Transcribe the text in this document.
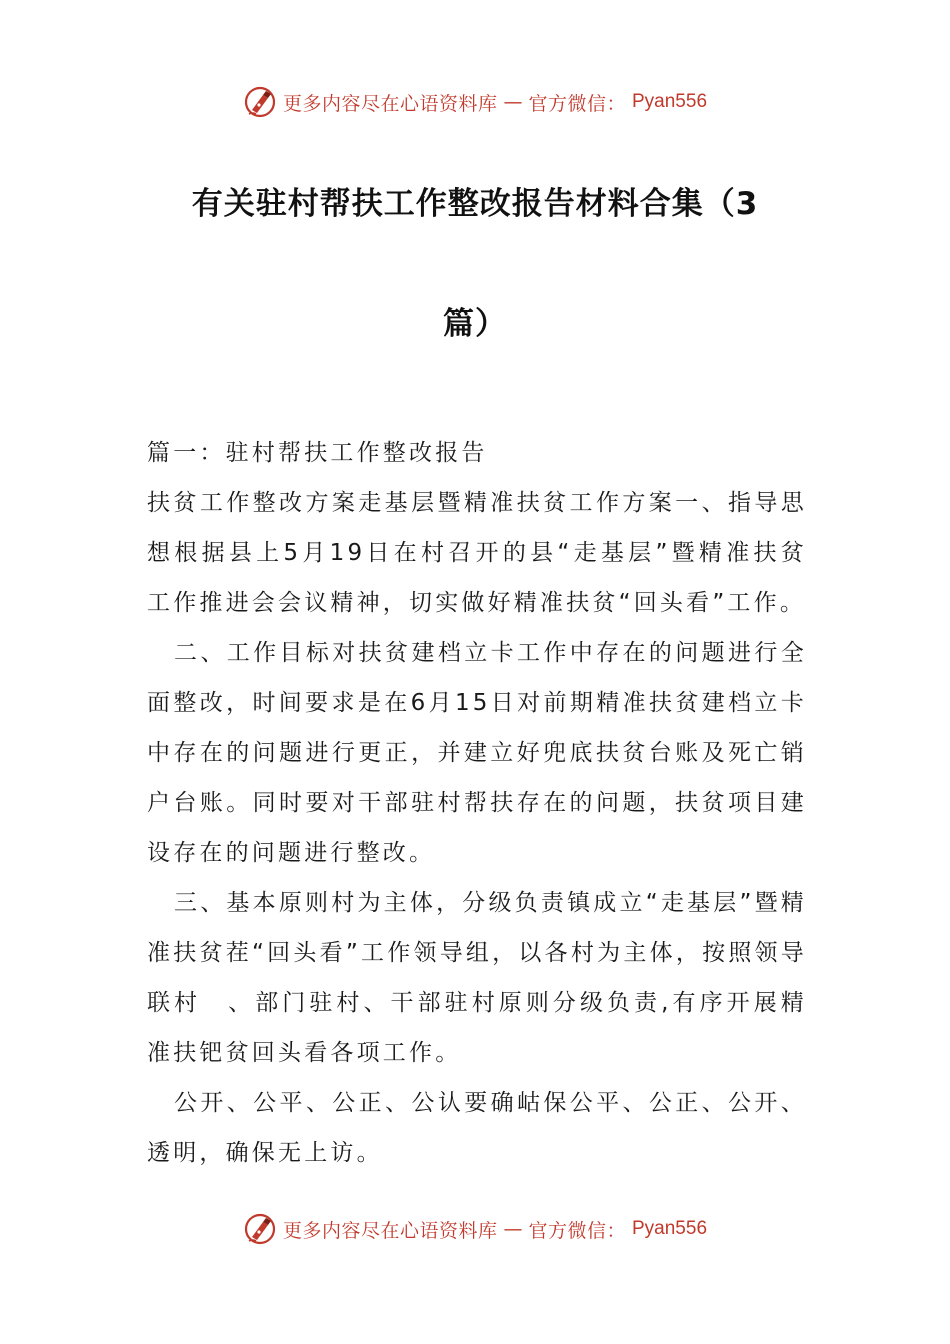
更多内容尽在心语资料库 — 官方微信： Pyan556
有关驻村帮扶工作整改报告材料合集（3
篇）

篇一：驻村帮扶工作整改报告

扶贫工作整改方案走基层暨精准扶贫工作方案一、指导思想根据县上5月19日在村召开的县“走基层”暨精准扶贫工作推进会会议精神，切实做好精准扶贫“回头看”工作。

二、工作目标对扶贫建档立卡工作中存在的问题进行全面整改，时间要求是在6月15日对前期精准扶贫建档立卡中存在的问题进行更正，并建立好兜底扶贫台账及死亡销户台账。同时要对干部驻村帮扶存在的问题，扶贫项目建设存在的问题进行整改。

三、基本原则村为主体，分级负责镇成立“走基层”暨精准扶贫茬“回头看”工作领导组，以各村为主体，按照领导联村　、部门驻村、干部驻村原则分级负责,有序开展精准扶钯贫回头看各项工作。

公开、公平、公正、公认要确岵保公平、公正、公开、透明，确保无上访。

更多内容尽在心语资料库 — 官方微信： Pyan556
